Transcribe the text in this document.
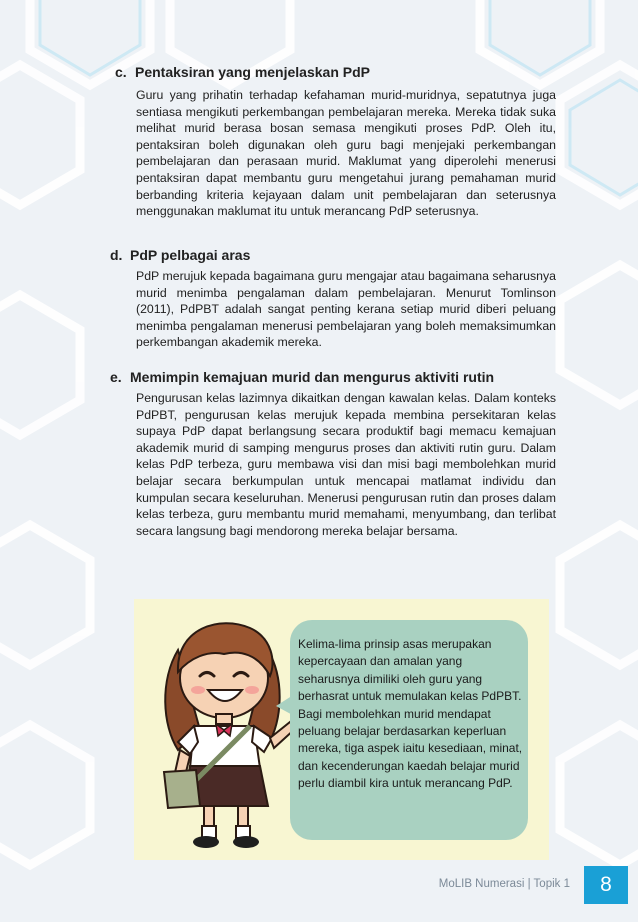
c. Pentaksiran yang menjelaskan PdP

Guru yang prihatin terhadap kefahaman murid-muridnya, sepatutnya juga sentiasa mengikuti perkembangan pembelajaran mereka. Mereka tidak suka melihat murid berasa bosan semasa mengikuti proses PdP. Oleh itu, pentaksiran boleh digunakan oleh guru bagi menjejaki perkembangan pembelajaran dan perasaan murid. Maklumat yang diperolehi menerusi pentaksiran dapat membantu guru mengetahui jurang pemahaman murid berbanding kriteria kejayaan dalam unit pembelajaran dan seterusnya menggunakan maklumat itu untuk merancang PdP seterusnya.

d. PdP pelbagai aras

PdP merujuk kepada bagaimana guru mengajar atau bagaimana seharusnya murid menimba pengalaman dalam pembelajaran. Menurut Tomlinson (2011), PdPBT adalah sangat penting kerana setiap murid diberi peluang menimba pengalaman menerusi pembelajaran yang boleh memaksimumkan perkembangan akademik mereka.

e. Memimpin kemajuan murid dan mengurus aktiviti rutin

Pengurusan kelas lazimnya dikaitkan dengan kawalan kelas. Dalam konteks PdPBT, pengurusan kelas merujuk kepada membina persekitaran kelas supaya PdP dapat berlangsung secara produktif bagi memacu kemajuan akademik murid di samping mengurus proses dan aktiviti rutin guru. Dalam kelas PdP terbeza, guru membawa visi dan misi bagi membolehkan murid belajar secara berkumpulan untuk mencapai matlamat individu dan kumpulan secara keseluruhan. Menerusi pengurusan rutin dan proses dalam kelas terbeza, guru membantu murid memahami, menyumbang, dan terlibat secara langsung bagi mendorong mereka belajar bersama.

Kelima-lima prinsip asas merupakan kepercayaan dan amalan yang seharusnya dimiliki oleh guru yang berhasrat untuk memulakan kelas PdPBT. Bagi membolehkan murid mendapat peluang belajar berdasarkan keperluan mereka, tiga aspek iaitu kesediaan, minat, dan kecenderungan kaedah belajar murid perlu diambil kira untuk merancang PdP.

MoLIB Numerasi | Topik 1	8
